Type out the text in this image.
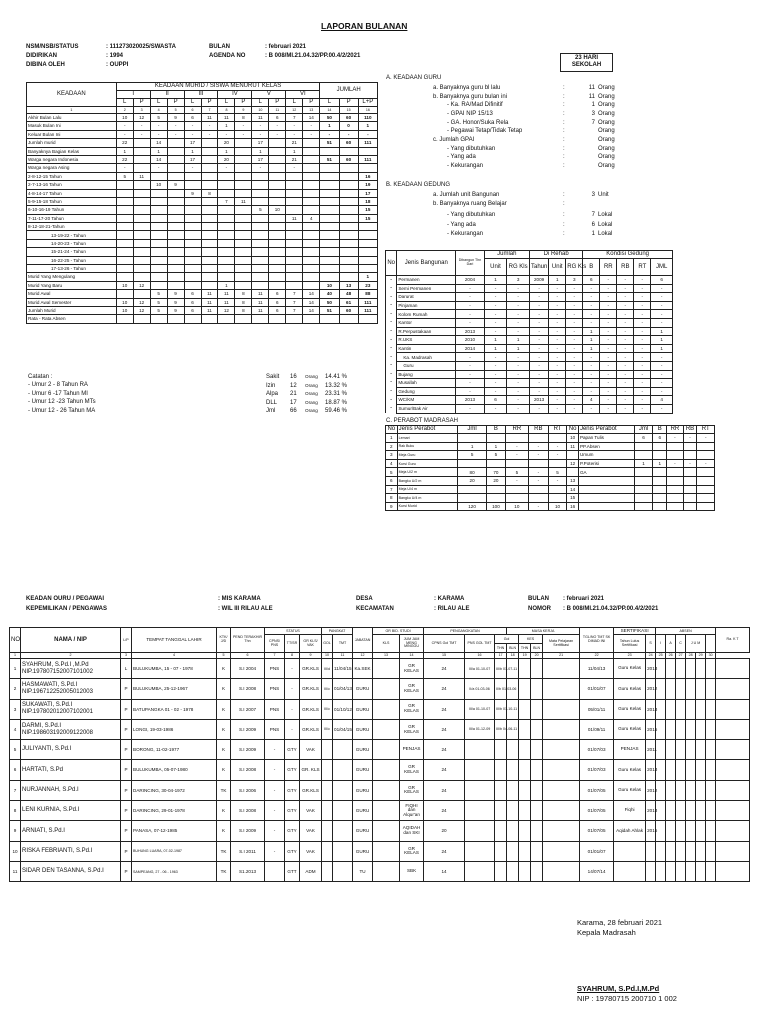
LAPORAN BULANAN
NSM/NSB/STATUS	: 111273020025/SWASTA
DIDIRIKAN	: 1994
DIBINA OLEH	: OUPPI
BULAN	: februari 2021
AGENDA NO	: B 008/MI.21.04.32/PP.00.4/2/2021	23 HARI
SEKOLAH
KEADAAN	KEADAAN MURID / SISWA MENURUT KELAS												JUMLAH		
	I		II		III		IV		V		VI				
	L	P	L	P	L	P	L	P	L	P	L	P	L	P	L+P
1	2	3	4	5	6	7	8	9	10	11	12	13	14	15	16
Akhir Bulan Lalu	10	12	5	9	6	11	11	8	11	6	7	14	50	60	110
Masuk Bulan Ini	-	-	-	-	-	-	1	-	-	-	-	-	1	0	1
Keluar Bulan Ini	-	-	-	-	-	-	-	-	-	-	-	-	-	-	-
Jumlah murid	22		14		17		20		17		21		51	60	111
Banyaknya Bagian Kelas	1		1		1		1		1		1				
Warga negara Indonesia	22		14		17		20		17		21		51	60	111
Warga negara Asing	-		-		-		-		-		-				
2-8-12-15 Tahun	5	11													16
2-7-13-16 Tahun			10	9											19
4-8-14-17 Tahun					9	8									17
5-9-15-18 Tahun							7	11							18
6-10-16-19 Tahun									5	10					15
7-11-17-20 Tahun											11	4			15
8-12-18-21-Tahun															
13-19-22 - Tahun															
14-20-23 - Tahun															
15-21-24 - Tahun															
16-22-25 - Tahun															
17-13-26 - Tahun															
Murid Yang Mengulang															1
Murid Yang Baru	10	12					1						10	13	23
Murid Awal			5	9	6	11	11	8	11	6	7	14	40	48	88
Murid Awal Semester	10	12	5	9	6	11	11	8	11	6	7	14	50	61	111
Jumlah Murid	10	12	5	9	6	11	12	8	11	6	7	14	51	60	111
Rata - Rata Absen															
Catatan :
- Umur 2 - 8 Tahun RA
- Umur 6 -17 Tahun MI
- Umur 12 -23 Tahun MTs
- Umur 12 - 26 Tahun MA
Sakit 16 Orang 14.41 %
Izin 12 Orang 13.32 %
Alpa 21 Orang 23.31 %
DLL 17 Orang 18.87 %
Jml 66 Orang 59.46 %
A. KEADAAN GURU
a. Banyaknya guru bl lalu	:	11 Orang
b. Banyaknya guru bulan ini	:	11 Orang
- Ka. RA/Mad Difinitif	:	1 Orang
- GPAI NIP 15/13	:	3 Orang
- GA. Honor/Suka Rela	:	7 Orang
- Pegawai Tetap/Tidak Tetap	:	Orang
c. Jumlah GPAI	:	Orang
- Yang dibutuhkan	:	Orang
- Yang ada	:	Orang
- Kekurangan	:	Orang
B. KEADAAN GEDUNG
a. Jumlah unit Bangunan	:	3 Unit
b. Banyaknya ruang Belajar	:
- Yang dibutuhkan	:	7 Lokal
- Yang ada	:	6 Lokal
- Kekurangan	:	1 Lokal
No	Jenis Bangunan	Dibangun Thn Dari	Jumlah		Di Rehab			Kondisi Gedung				
			Unit	RG Kls	Tahun	Unit	RG Kls	B	RR	RB	RT	JML
-	Permanen	2004	1	3	2009	1	3	6	-	-	-	6
-	Semi Permanen	-	-	-	-	-	-	-	-	-	-	-
-	Darurat	-	-	-	-	-	-	-	-	-	-	-
-	Pinjaman	-	-	-	-	-	-	-	-	-	-	-
-	Kolom Rumah	-	-	-	-	-	-	-	-	-	-	-
-	Kantor	-	-	-	-	-	-	-	-	-	-	-
-	R.Perpustakaan	2013	-	-	-	-	-	1	-	-	-	1
-	R.UKS	2010	1	1	-	-	-	1	-	-	-	1
-	Kantin	2014	1	1	-	-	-	1	-	-	-	1
-	Ka. Madrasah	-	-	-	-	-	-	-	-	-	-	-
-	Guru	-	-	-	-	-	-	-	-	-	-	-
-	Bujang	-	-	-	-	-	-	-	-	-	-	-
-	Musallah	-	-	-	-	-	-	-	-	-	-	-
-	Gedung	-	-	-	-	-	-	-	-	-	-	-
-	WC/KM	2013	6	-	2013	-	-	4	-	-	-	4
-	Sumur/Bak Air	-	-	-	-	-	-	-	-	-	-	-
C. PERABOT MADRASAH
No	Jenis Perabot	Jml	B	RR	RB	RT	No	Jenis Perabot	Jml	B	RR	RB	RT
1	Lemari						10	Papan Tulis	6	6	-	-	-
2	Rak Buku	1	1	-	-	-	11	PP.Absen					
3	Meja Guru	5	5	-	-	-		Umum					
4	Kursi Guru						12	P.Poterisi	1	1	-	-	-
5	Meja U/2 m	80	70	5	-	5		GA					
6	Bangku U/2 m	20	20	-	-	-	13						
7	Meja U/4 m						14						
8	Bangku U/4 m						15						
9	Kursi Murid	120	100	10	-	10	16						
KEADAN OURU / PEGAWAI	: MIS KARAMA
KEPEMILIKAN / PENGAWAS	: WIL III RILAU ALE
DESA	: KARAMA
KECAMATAN	: RILAU ALE
BULAN : februari 2021
NOMOR : B 008/MI.21.04.32/PP.00.4/2/2021
NO	NAMA / NIP	L/P	TEMPAT TANGGAL LAHIR	KTK/ J/D	PEND TERAKHIR Thn	STATUS			PANGKAT		JABATAN	GR BID. STUDI		PENGANGKATAN			MASA KERJA				TGL/NO TMT SK DIMAD INI	SERTIFIKASI		ABSEN						Ra. K T
						CPNS/ PNS	TT/SR	GR KLS/ VAK	GOL	TMT		KLS	JUM JAM MENG MINGGU	CPNS Gol TMT	PNS GOL TMT	Gol		KES		Mata Pelajaran Sertifikasi		Tahun Lulus Sertifikasi	S	I	A	C	J U M			
																THN	BLN	THN	BLN											
1	2	3	4	5	6	7	8	9	10	11	12	13	14	15	16	17	18	19	20	21	22	23	24	25	26	27	28	29	30	
1	SYAHRUM, S.Pd.I ,M.Pd
NIP.197807152007101002	L	BULUKUMBA, 15 - 07 - 1978	K	S.I 2004	PNS	-	GR.KLS	III/d	11/04/15	Ka.SEK		GR KELAS	24	III/a 01-10-07	III/b 01-07-11					11/04/13	Guru Kelas	2013							
2	HASMAWATI, S.Pd.I
NIP.196712252005012003	P	BULUKUMBA, 25-12-1967	K	S.I 2008	PNS	-	GR.KLS	III/c	01/04/13	GURU		GR KELAS	24	II/a 01-03-06	II/b 01-03-06					01/01/07	Guru Kelas	2012							
3	SUKAWATI, S.Pd.I
NIP.197802012007102001	P	BATUPANGKA 01 - 02 - 1978	K	S.I 2007	PNS	-	GR.KLS	III/c	01/10/12	GURU		GR KELAS	24	III/a 01-10-07	III/b 01-10-11					05/01/11	Guru Kelas	2013							
4	DARMI, S.Pd.I
NIP.198603192009122008	P	LONGI, 19-03-1986	K	S.I 2009	PNS	-	GR.KLS	III/c	01/04/15	GURU		GR KELAS	24	III/a 01-12-09	III/b 04-06-11					01/09/11	Guru Kelas	2015							
5	JULIYANTI, S.Pd.I	P	BORONG, 11-02-1977	K	S.I 2009	-	GTY	VAK			GURU		PENJAS	24							01/07/03	PENJAS	2011							
6	HARTATI, S.Pd	P	BULUKUMBA, 05-07-1980	K	S.I 2008	-	GTY	GR. KLS			GURU		GR KELAS	24							01/07/03	Guru Kelas	2013							
7	NURJANNAH, S.Pd.I	P	DARINCING, 30-04-1972	TK	S.I 2006	-	GTY	GR.KLS			GURU		GR KELAS	24							01/07/05	Guru Kelas	2012							
8	LENI KURNIA, S.Pd.I	P	DARINCING, 29-01-1978	K	S.I 2008	-	GTY	VAK			GURU		FIQHI dan Alqur'an	24							01/07/05	Fiqhi	2013							
9	ARNIATI, S.Pd.I	P	PANASA, 07-12-1985	K	S.I 2009	-	GTY	VAK			GURU		AQIDAH dan SKI	20							01/07/05	Aqidah Ahlak	2015							
10	RISKA FEBRIANTI, S.Pd.I	P	BUHUNG LUARA, 07-02-1987	TK	S.I 2011	-	GTY	VAK			GURU		GR KELAS	24							01/01/07									
11	SIDAR DEN TASANNA, S.Pd.I	P	SAMPEANG, 27 - 06 - 1963	TK	S1.2013		GTT	ADM			TU		SBK	14							14/07/14									
Karama, 28 februari 2021
Kepala Madrasah
SYAHRUM, S.Pd.I,M.Pd
NIP : 19780715 200710 1 002
